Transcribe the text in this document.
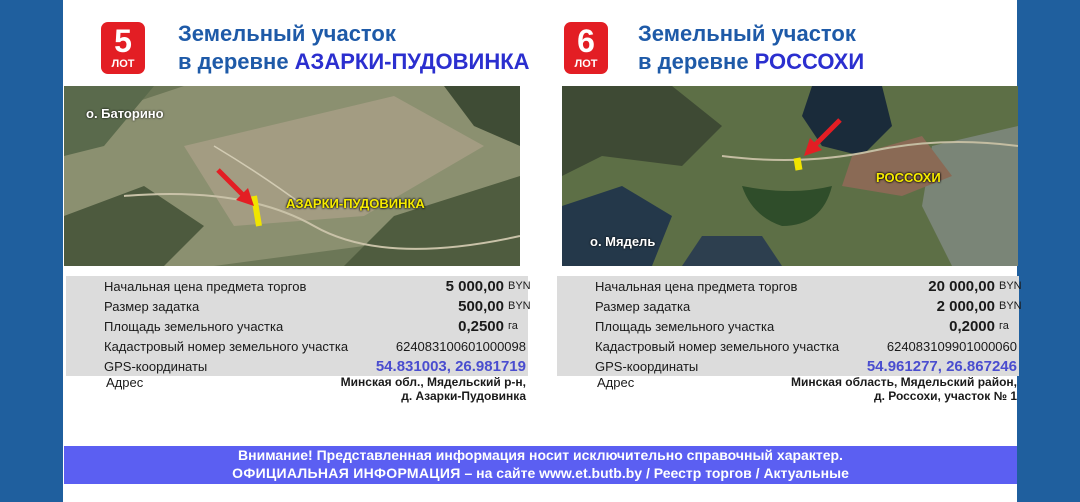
5
ЛОТ
Земельный участок
в деревне АЗАРКИ-ПУДОВИНКА
о. Баторино
АЗАРКИ-ПУДОВИНКА
Начальная цена предмета торгов	5 000,00 BYN
Размер задатка	500,00 BYN
Площадь земельного участка	0,2500 га
Кадастровый номер земельного участка	624083100601000098
GPS-координаты	54.831003, 26.981719
Адрес	Минская обл., Мядельский р-н,
д. Азарки-Пудовинка
6
ЛОТ
Земельный участок
в деревне РОССОХИ
о. Мядель
РОССОХИ
Начальная цена предмета торгов	20 000,00 BYN
Размер задатка	2 000,00 BYN
Площадь земельного участка	0,2000 га
Кадастровый номер земельного участка	624083109901000060
GPS-координаты	54.961277, 26.867246
Адрес	Минская область, Мядельский район,
д. Россохи, участок № 1
Внимание! Представленная информация носит исключительно справочный характер.
ОФИЦИАЛЬНАЯ ИНФОРМАЦИЯ – на сайте www.et.butb.by / Реестр торгов / Актуальные
